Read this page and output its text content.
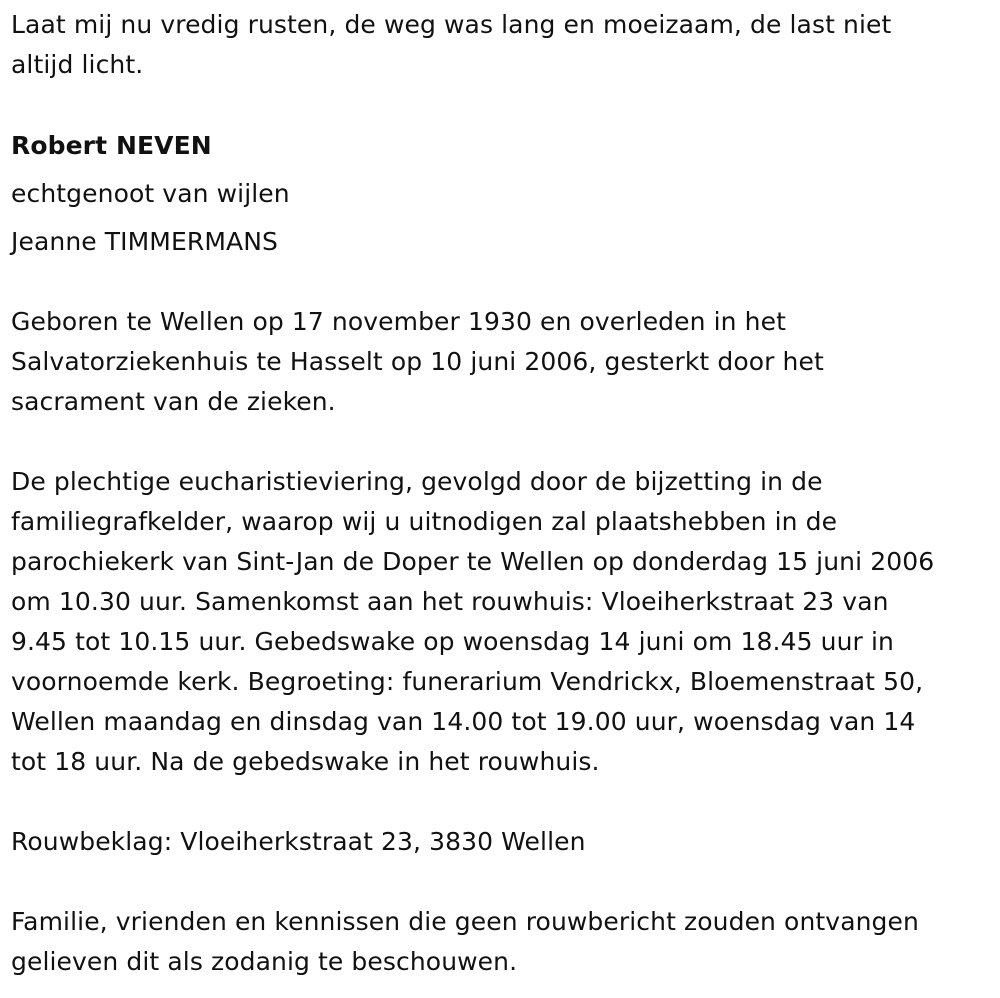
Laat mij nu vredig rusten, de weg was lang en moeizaam, de last niet
altijd licht.

Robert NEVEN

echtgenoot van wijlen

Jeanne TIMMERMANS

Geboren te Wellen op 17 november 1930 en overleden in het
Salvatorziekenhuis te Hasselt op 10 juni 2006, gesterkt door het
sacrament van de zieken.

De plechtige eucharistieviering, gevolgd door de bijzetting in de
familiegrafkelder, waarop wij u uitnodigen zal plaatshebben in de
parochiekerk van Sint-Jan de Doper te Wellen op donderdag 15 juni 2006
om 10.30 uur. Samenkomst aan het rouwhuis: Vloeiherkstraat 23 van
9.45 tot 10.15 uur. Gebedswake op woensdag 14 juni om 18.45 uur in
voornoemde kerk. Begroeting: funerarium Vendrickx, Bloemenstraat 50,
Wellen maandag en dinsdag van 14.00 tot 19.00 uur, woensdag van 14
tot 18 uur. Na de gebedswake in het rouwhuis.

Rouwbeklag: Vloeiherkstraat 23, 3830 Wellen

Familie, vrienden en kennissen die geen rouwbericht zouden ontvangen
gelieven dit als zodanig te beschouwen.
